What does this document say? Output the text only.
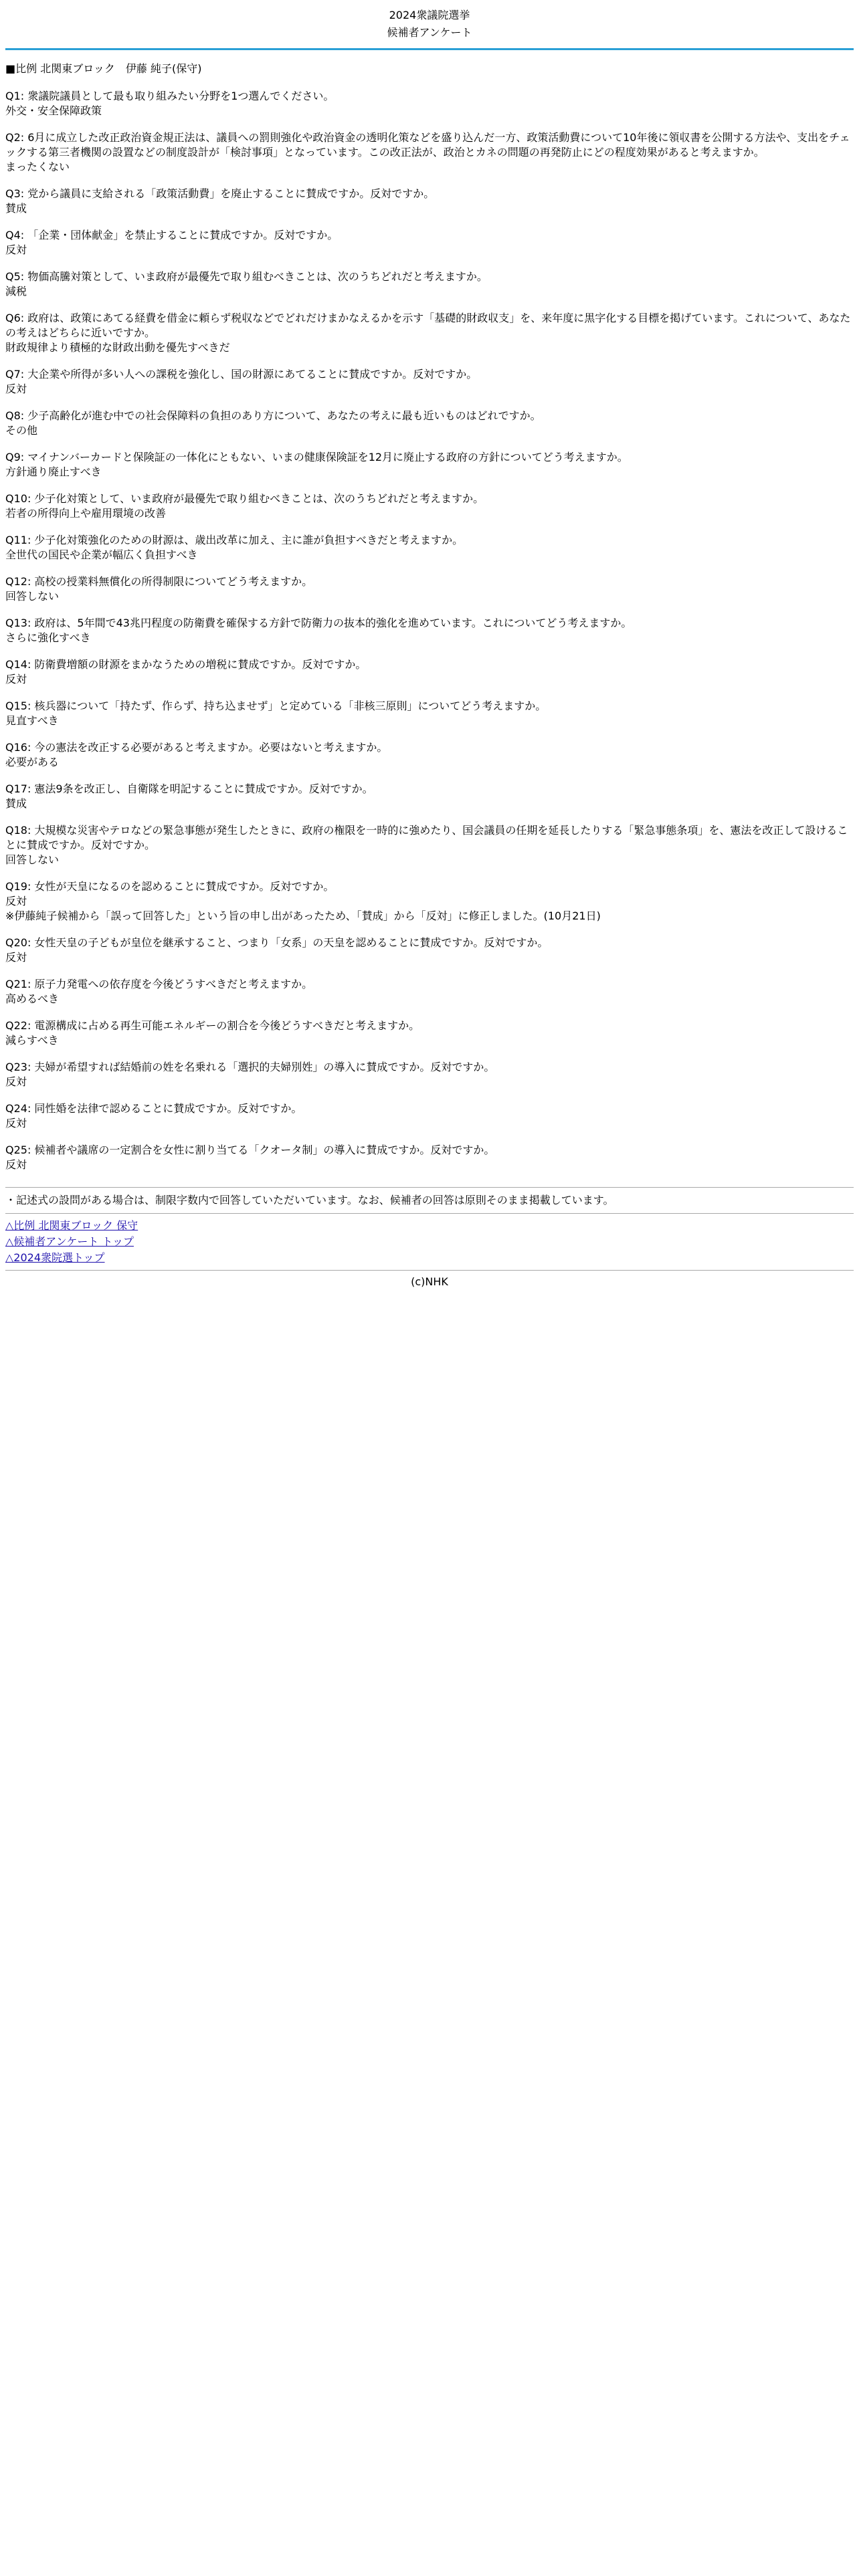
2024衆議院選挙
候補者アンケート
■比例 北関東ブロック　伊藤 純子(保守)
Q1: 衆議院議員として最も取り組みたい分野を1つ選んでください。
外交・安全保障政策
Q2: 6月に成立した改正政治資金規正法は、議員への罰則強化や政治資金の透明化策などを盛り込んだ一方、政策活動費について10年後に領収書を公開する方法や、支出をチェックする第三者機関の設置などの制度設計が「検討事項」となっています。この改正法が、政治とカネの問題の再発防止にどの程度効果があると考えますか。
まったくない
Q3: 党から議員に支給される「政策活動費」を廃止することに賛成ですか。反対ですか。
賛成
Q4: 「企業・団体献金」を禁止することに賛成ですか。反対ですか。
反対
Q5: 物価高騰対策として、いま政府が最優先で取り組むべきことは、次のうちどれだと考えますか。
減税
Q6: 政府は、政策にあてる経費を借金に頼らず税収などでどれだけまかなえるかを示す「基礎的財政収支」を、来年度に黒字化する目標を掲げています。これについて、あなたの考えはどちらに近いですか。
財政規律より積極的な財政出動を優先すべきだ
Q7: 大企業や所得が多い人への課税を強化し、国の財源にあてることに賛成ですか。反対ですか。
反対
Q8: 少子高齢化が進む中での社会保障料の負担のあり方について、あなたの考えに最も近いものはどれですか。
その他
Q9: マイナンバーカードと保険証の一体化にともない、いまの健康保険証を12月に廃止する政府の方針についてどう考えますか。
方針通り廃止すべき
Q10: 少子化対策として、いま政府が最優先で取り組むべきことは、次のうちどれだと考えますか。
若者の所得向上や雇用環境の改善
Q11: 少子化対策強化のための財源は、歳出改革に加え、主に誰が負担すべきだと考えますか。
全世代の国民や企業が幅広く負担すべき
Q12: 高校の授業料無償化の所得制限についてどう考えますか。
回答しない
Q13: 政府は、5年間で43兆円程度の防衛費を確保する方針で防衛力の抜本的強化を進めています。これについてどう考えますか。
さらに強化すべき
Q14: 防衛費増額の財源をまかなうための増税に賛成ですか。反対ですか。
反対
Q15: 核兵器について「持たず、作らず、持ち込ませず」と定めている「非核三原則」についてどう考えますか。
見直すべき
Q16: 今の憲法を改正する必要があると考えますか。必要はないと考えますか。
必要がある
Q17: 憲法9条を改正し、自衛隊を明記することに賛成ですか。反対ですか。
賛成
Q18: 大規模な災害やテロなどの緊急事態が発生したときに、政府の権限を一時的に強めたり、国会議員の任期を延長したりする「緊急事態条項」を、憲法を改正して設けることに賛成ですか。反対ですか。
回答しない
Q19: 女性が天皇になるのを認めることに賛成ですか。反対ですか。
反対
※伊藤純子候補から「誤って回答した」という旨の申し出があったため、「賛成」から「反対」に修正しました。(10月21日)
Q20: 女性天皇の子どもが皇位を継承すること、つまり「女系」の天皇を認めることに賛成ですか。反対ですか。
反対
Q21: 原子力発電への依存度を今後どうすべきだと考えますか。
高めるべき
Q22: 電源構成に占める再生可能エネルギーの割合を今後どうすべきだと考えますか。
減らすべき
Q23: 夫婦が希望すれば結婚前の姓を名乗れる「選択的夫婦別姓」の導入に賛成ですか。反対ですか。
反対
Q24: 同性婚を法律で認めることに賛成ですか。反対ですか。
反対
Q25: 候補者や議席の一定割合を女性に割り当てる「クオータ制」の導入に賛成ですか。反対ですか。
反対
・記述式の設問がある場合は、制限字数内で回答していただいています。なお、候補者の回答は原則そのまま掲載しています。
△比例 北関東ブロック 保守
△候補者アンケート トップ
△2024衆院選トップ
(c)NHK
